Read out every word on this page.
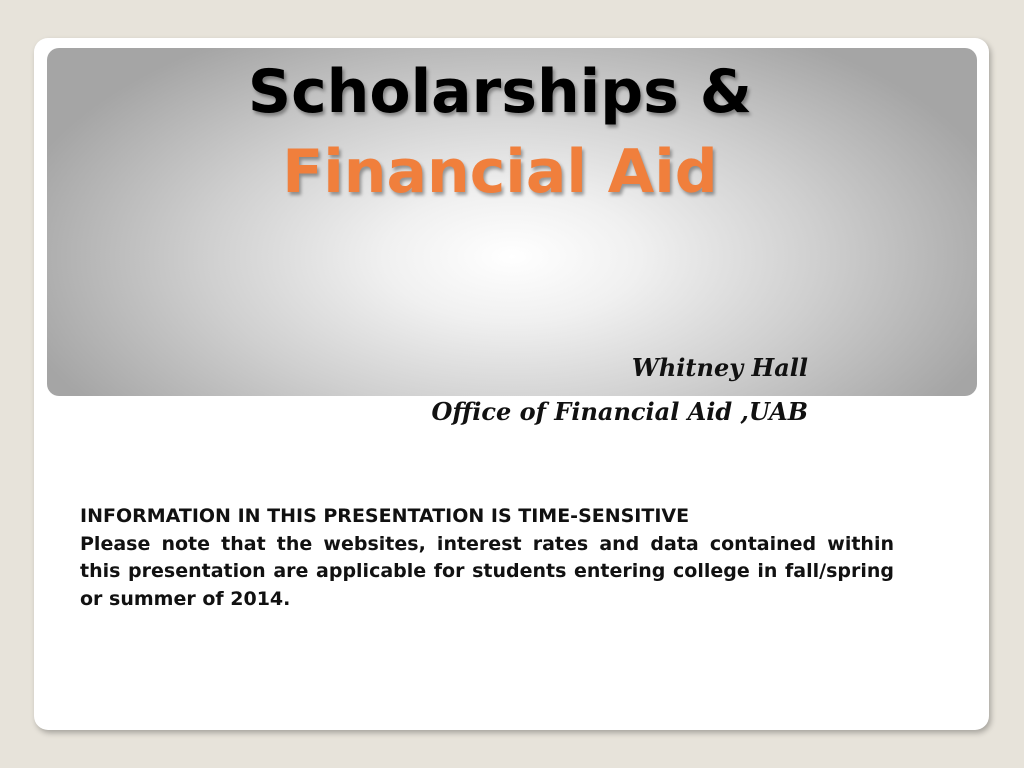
Scholarships &
Financial Aid
Whitney Hall
Office of Financial Aid ,UAB
INFORMATION IN THIS PRESENTATION IS TIME-SENSITIVE
Please note that the websites, interest rates and data contained within this presentation are applicable for students entering college in fall/spring or summer of 2014.
